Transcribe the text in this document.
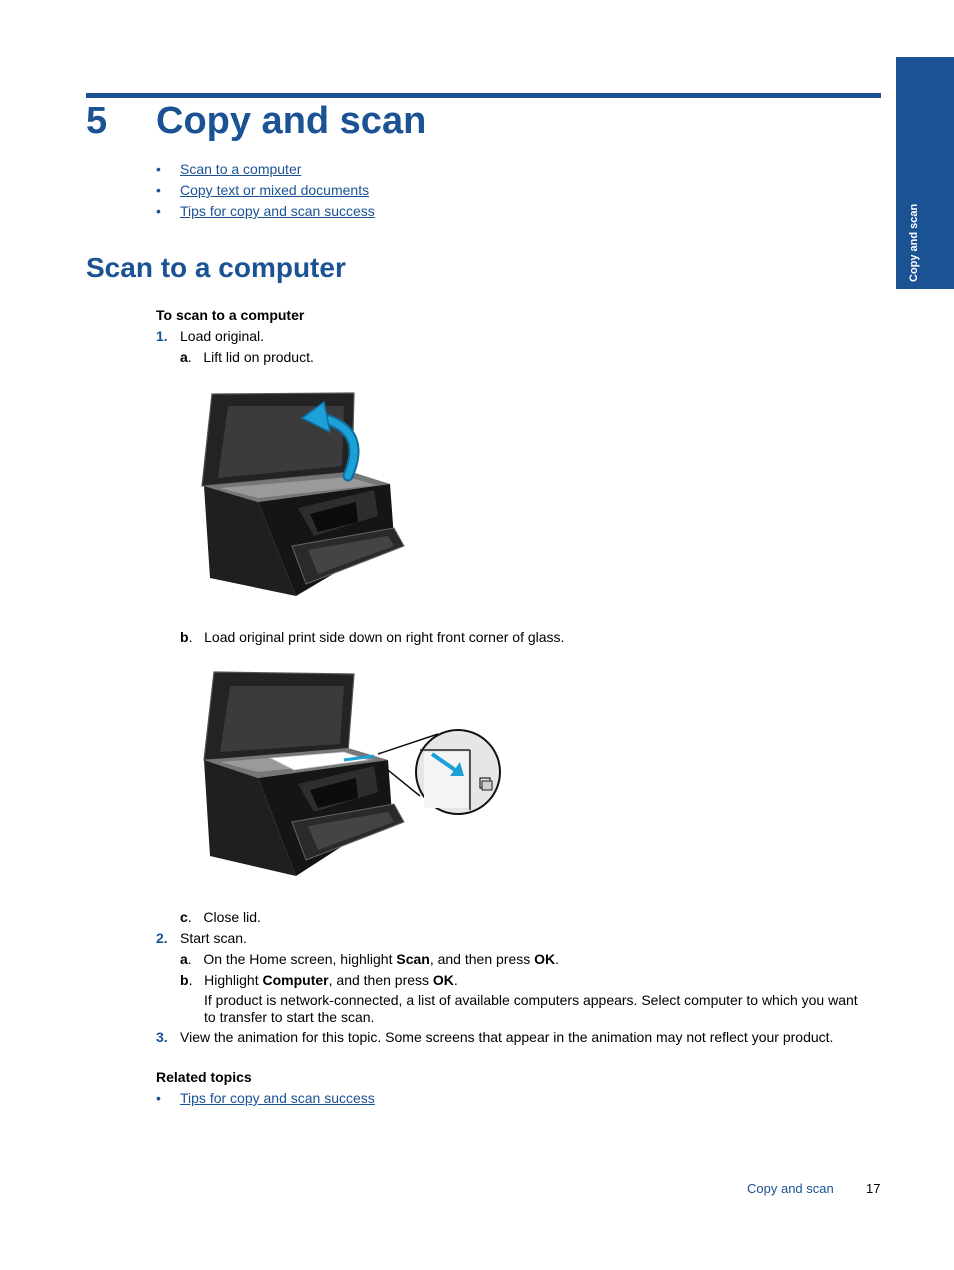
Copy and scan
5 Copy and scan
• Scan to a computer
• Copy text or mixed documents
• Tips for copy and scan success
Scan to a computer
To scan to a computer
1. Load original.
a.   Lift lid on product.
b.   Load original print side down on right front corner of glass.
c.   Close lid.
2. Start scan.
a.   On the Home screen, highlight Scan, and then press OK.
b.   Highlight Computer, and then press OK.
If product is network-connected, a list of available computers appears. Select computer to which you want
to transfer to start the scan.
3. View the animation for this topic. Some screens that appear in the animation may not reflect your product.
Related topics
• Tips for copy and scan success
Copy and scan 17
